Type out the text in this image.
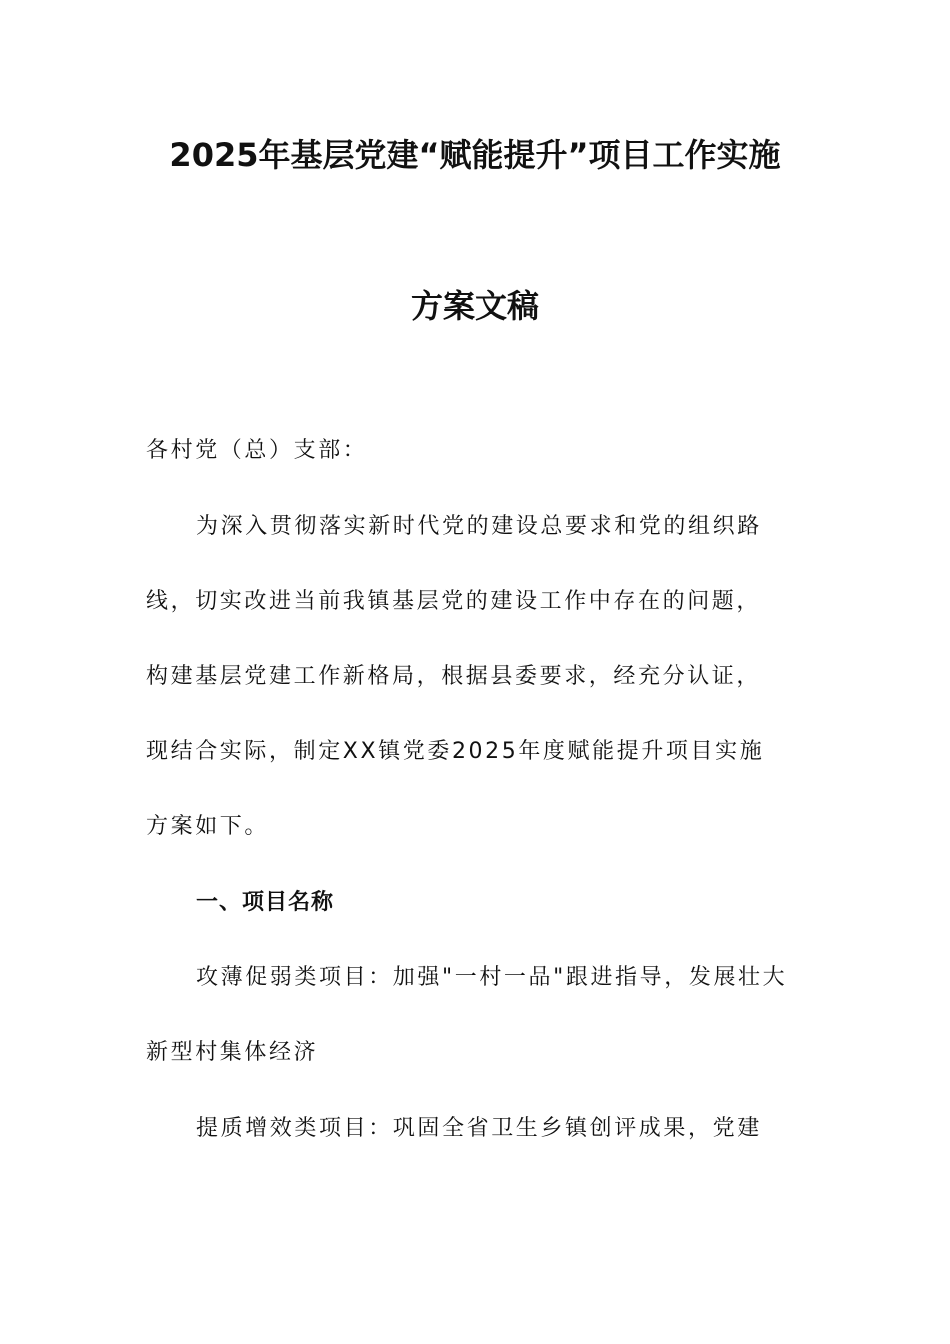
2025年基层党建“赋能提升”项目工作实施
方案文稿
各村党（总）支部：
为深入贯彻落实新时代党的建设总要求和党的组织路
线，切实改进当前我镇基层党的建设工作中存在的问题，
构建基层党建工作新格局，根据县委要求，经充分认证，
现结合实际，制定XX镇党委2025年度赋能提升项目实施
方案如下。
一、项目名称
攻薄促弱类项目：加强"一村一品"跟进指导，发展壮大
新型村集体经济
提质增效类项目：巩固全省卫生乡镇创评成果，党建
